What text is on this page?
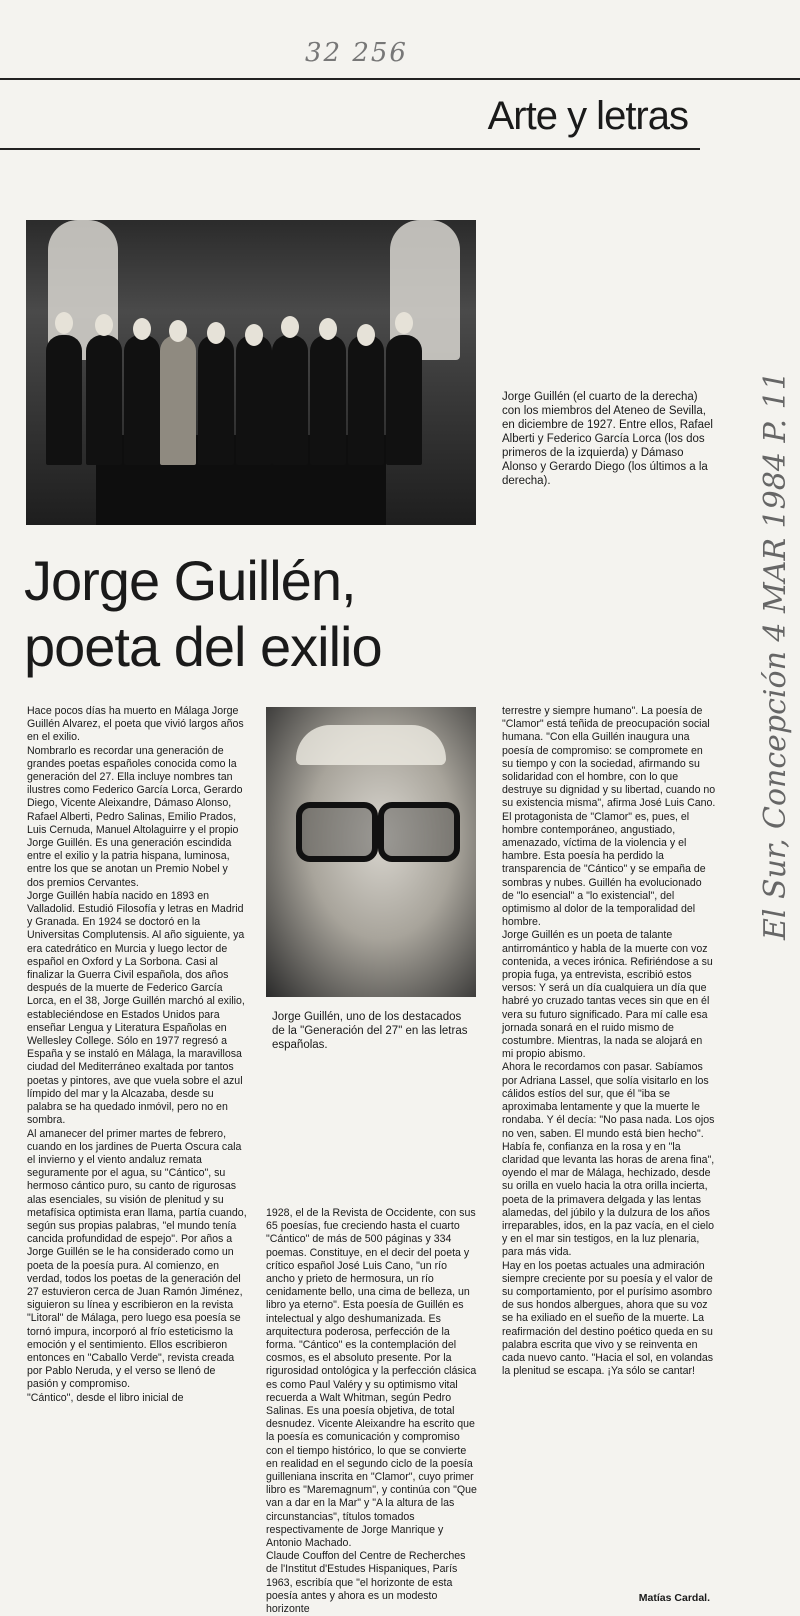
32 256
Arte y letras
Jorge Guillén (el cuarto de la derecha) con los miembros del Ateneo de Sevilla, en diciembre de 1927. Entre ellos, Rafael Alberti y Federico García Lorca (los dos primeros de la izquierda) y Dámaso Alonso y Gerardo Diego (los últimos a la derecha).
Jorge Guillén,
poeta del exilio

Hace pocos días ha muerto en Málaga Jorge Guillén Alvarez, el poeta que vivió largos años en el exilio.

Nombrarlo es recordar una generación de grandes poetas españoles conocida como la generación del 27. Ella incluye nombres tan ilustres como Federico García Lorca, Gerardo Diego, Vicente Aleixandre, Dámaso Alonso, Rafael Alberti, Pedro Salinas, Emilio Prados, Luis Cernuda, Manuel Altolaguirre y el propio Jorge Guillén. Es una generación escindida entre el exilio y la patria hispana, luminosa, entre los que se anotan un Premio Nobel y dos premios Cervantes.

Jorge Guillén había nacido en 1893 en Valladolid. Estudió Filosofía y letras en Madrid y Granada. En 1924 se doctoró en la Universitas Complutensis. Al año siguiente, ya era catedrático en Murcia y luego lector de español en Oxford y La Sorbona. Casi al finalizar la Guerra Civil española, dos años después de la muerte de Federico García Lorca, en el 38, Jorge Guillén marchó al exilio, estableciéndose en Estados Unidos para enseñar Lengua y Literatura Españolas en Wellesley College. Sólo en 1977 regresó a España y se instaló en Málaga, la maravillosa ciudad del Mediterráneo exaltada por tantos poetas y pintores, ave que vuela sobre el azul límpido del mar y la Alcazaba, desde su palabra se ha quedado inmóvil, pero no en sombra.

Al amanecer del primer martes de febrero, cuando en los jardines de Puerta Oscura cala el invierno y el viento andaluz remata seguramente por el agua, su "Cántico", su hermoso cántico puro, su canto de rigurosas alas esenciales, su visión de plenitud y su metafísica optimista eran llama, partía cuando, según sus propias palabras, "el mundo tenía cancida profundidad de espejo". Por años a Jorge Guillén se le ha considerado como un poeta de la poesía pura. Al comienzo, en verdad, todos los poetas de la generación del 27 estuvieron cerca de Juan Ramón Jiménez, siguieron su línea y escribieron en la revista "Litoral" de Málaga, pero luego esa poesía se tornó impura, incorporó al frío esteticismo la emoción y el sentimiento. Ellos escribieron entonces en "Caballo Verde", revista creada por Pablo Neruda, y el verso se llenó de pasión y compromiso.

"Cántico", desde el libro inicial de

Jorge Guillén, uno de los destacados de la "Generación del 27" en las letras españolas.

1928, el de la Revista de Occidente, con sus 65 poesías, fue creciendo hasta el cuarto "Cántico" de más de 500 páginas y 334 poemas. Constituye, en el decir del poeta y crítico español José Luis Cano, "un río ancho y prieto de hermosura, un río cenidamente bello, una cima de belleza, un libro ya eterno". Esta poesía de Guillén es intelectual y algo deshumanizada. Es arquitectura poderosa, perfección de la forma. "Cántico" es la contemplación del cosmos, es el absoluto presente. Por la rigurosidad ontológica y la perfección clásica es como Paul Valéry y su optimismo vital recuerda a Walt Whitman, según Pedro Salinas. Es una poesía objetiva, de total desnudez. Vicente Aleixandre ha escrito que la poesía es comunicación y compromiso con el tiempo histórico, lo que se convierte en realidad en el segundo ciclo de la poesía guilleniana inscrita en "Clamor", cuyo primer libro es "Maremagnum", y continúa con "Que van a dar en la Mar" y "A la altura de las circunstancias", títulos tomados respectivamente de Jorge Manrique y Antonio Machado.

Claude Couffon del Centre de Recherches de l'Institut d'Estudes Hispaniques, París 1963, escribía que "el horizonte de esta poesía antes y ahora es un modesto horizonte

terrestre y siempre humano". La poesía de "Clamor" está teñida de preocupación social humana. "Con ella Guillén inaugura una poesía de compromiso: se compromete en su tiempo y con la sociedad, afirmando su solidaridad con el hombre, con lo que destruye su dignidad y su libertad, cuando no su existencia misma", afirma José Luis Cano. El protagonista de "Clamor" es, pues, el hombre contemporáneo, angustiado, amenazado, víctima de la violencia y el hambre. Esta poesía ha perdido la transparencia de "Cántico" y se empaña de sombras y nubes. Guillén ha evolucionado de "lo esencial" a "lo existencial", del optimismo al dolor de la temporalidad del hombre.

Jorge Guillén es un poeta de talante antirromántico y habla de la muerte con voz contenida, a veces irónica. Refiriéndose a su propia fuga, ya entrevista, escribió estos versos: Y será un día cualquiera un día que habré yo cruzado tantas veces sin que en él vera su futuro significado. Para mí calle esa jornada sonará en el ruido mismo de costumbre. Mientras, la nada se alojará en mi propio abismo.

Ahora le recordamos con pasar. Sabíamos por Adriana Lassel, que solía visitarlo en los cálidos estíos del sur, que él "iba se aproximaba lentamente y que la muerte le rondaba. Y él decía: "No pasa nada. Los ojos no ven, saben. El mundo está bien hecho". Había fe, confianza en la rosa y en "la claridad que levanta las horas de arena fina", oyendo el mar de Málaga, hechizado, desde su orilla en vuelo hacia la otra orilla incierta, poeta de la primavera delgada y las lentas alamedas, del júbilo y la dulzura de los años irreparables, idos, en la paz vacía, en el cielo y en el mar sin testigos, en la luz plenaria, para más vida.

Hay en los poetas actuales una admiración siempre creciente por su poesía y el valor de su comportamiento, por el purísimo asombro de sus hondos albergues, ahora que su voz se ha exiliado en el sueño de la muerte. La reafirmación del destino poético queda en su palabra escrita que vivo y se reinventa en cada nuevo canto. "Hacia el sol, en volandas la plenitud se escapa. ¡Ya sólo se cantar!

Matías Cardal.
El Sur, Concepción 4 MAR 1984 P. 11
